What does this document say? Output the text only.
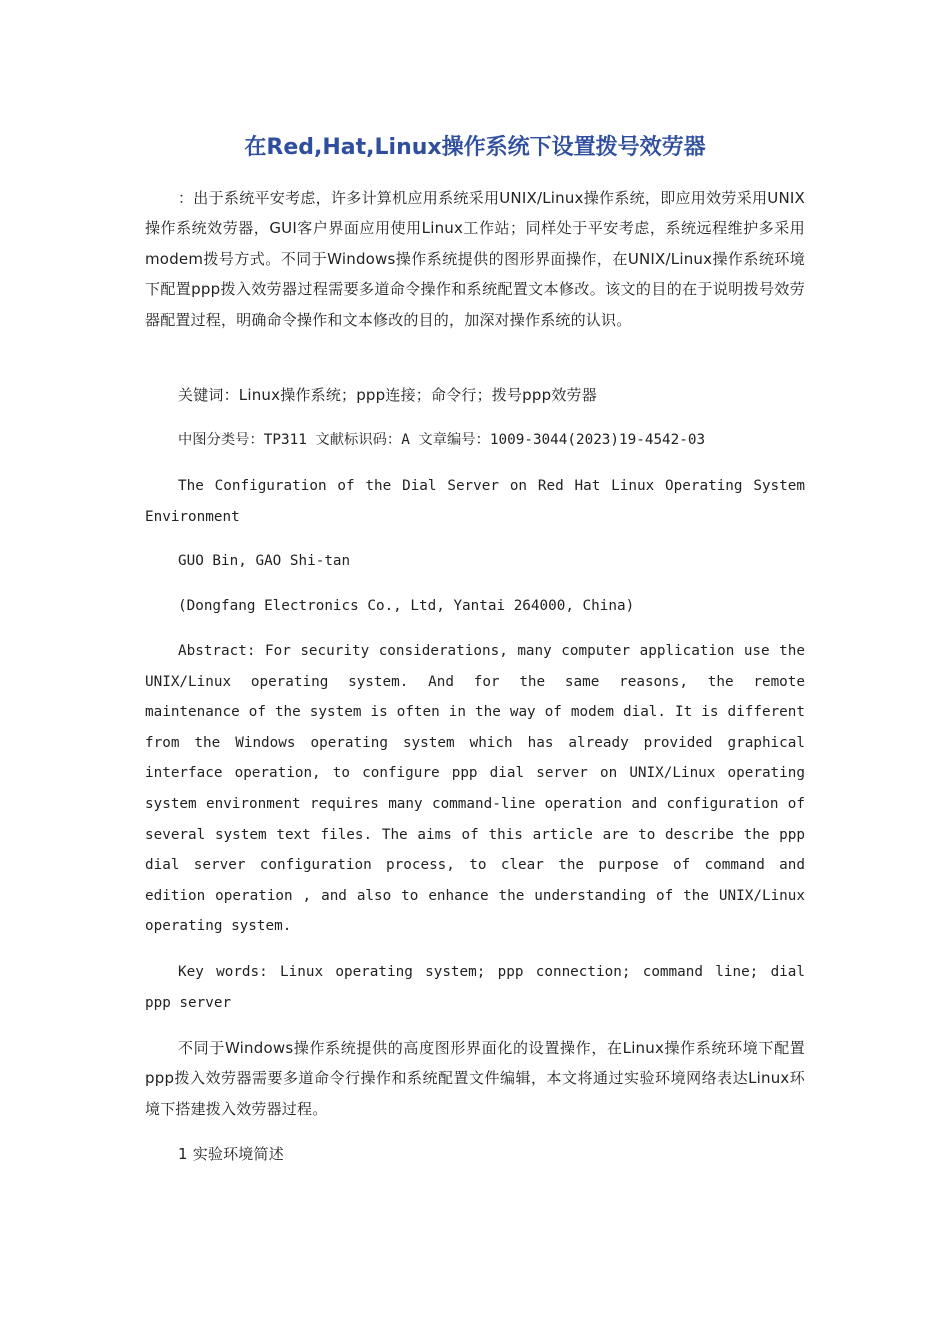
在Red,Hat,Linux操作系统下设置拨号效劳器

：出于系统平安考虑，许多计算机应用系统采用UNIX/Linux操作系统，即应用效劳采用UNIX操作系统效劳器，GUI客户界面应用使用Linux工作站；同样处于平安考虑，系统远程维护多采用modem拨号方式。不同于Windows操作系统提供的图形界面操作，在UNIX/Linux操作系统环境下配置ppp拨入效劳器过程需要多道命令操作和系统配置文本修改。该文的目的在于说明拨号效劳器配置过程，明确命令操作和文本修改的目的，加深对操作系统的认识。

关键词：Linux操作系统；ppp连接；命令行；拨号ppp效劳器

中图分类号：TP311 文献标识码：A 文章编号：1009-3044(2023)19-4542-03

The Configuration of the Dial Server on Red Hat Linux Operating System Environment

GUO Bin, GAO Shi-tan

(Dongfang Electronics Co., Ltd, Yantai 264000, China)

Abstract: For security considerations, many computer application use the UNIX/Linux operating system. And for the same reasons, the remote maintenance of the system is often in the way of modem dial. It is different from the Windows operating system which has already provided graphical interface operation, to configure ppp dial server on UNIX/Linux operating system environment requires many command-line operation and configuration of several system text files. The aims of this article are to describe the ppp dial server configuration process, to clear the purpose of command and edition operation , and also to enhance the understanding of the UNIX/Linux operating system.

Key words: Linux operating system; ppp connection; command line; dial ppp server

不同于Windows操作系统提供的高度图形界面化的设置操作，在Linux操作系统环境下配置ppp拨入效劳器需要多道命令行操作和系统配置文件编辑，本文将通过实验环境网络表达Linux环境下搭建拨入效劳器过程。

1 实验环境简述
